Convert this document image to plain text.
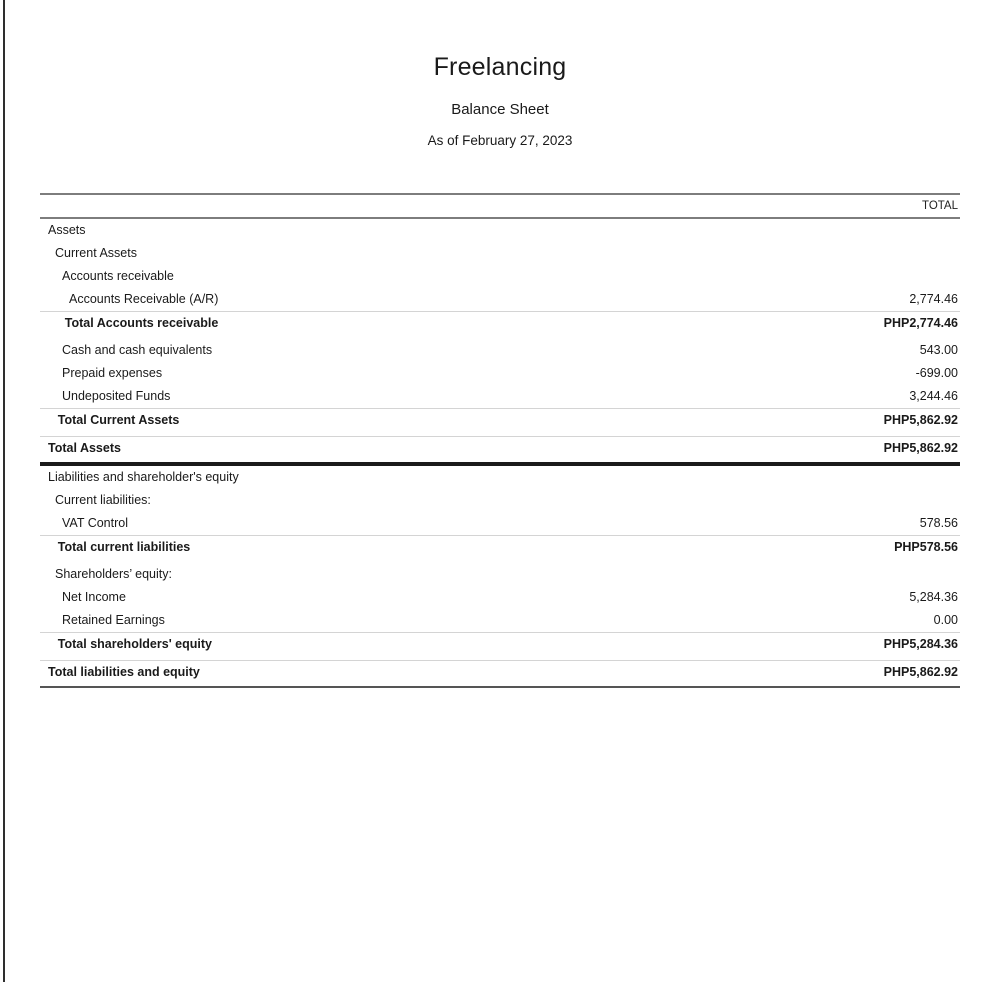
Freelancing
Balance Sheet
As of February 27, 2023
TOTAL
Assets
Current Assets
Accounts receivable
Accounts Receivable (A/R)	2,774.46
Total Accounts receivable	PHP2,774.46
Cash and cash equivalents	543.00
Prepaid expenses	-699.00
Undeposited Funds	3,244.46
Total Current Assets	PHP5,862.92
Total Assets	PHP5,862.92
Liabilities and shareholder's equity
Current liabilities:
VAT Control	578.56
Total current liabilities	PHP578.56
Shareholders’ equity:
Net Income	5,284.36
Retained Earnings	0.00
Total shareholders' equity	PHP5,284.36
Total liabilities and equity	PHP5,862.92
